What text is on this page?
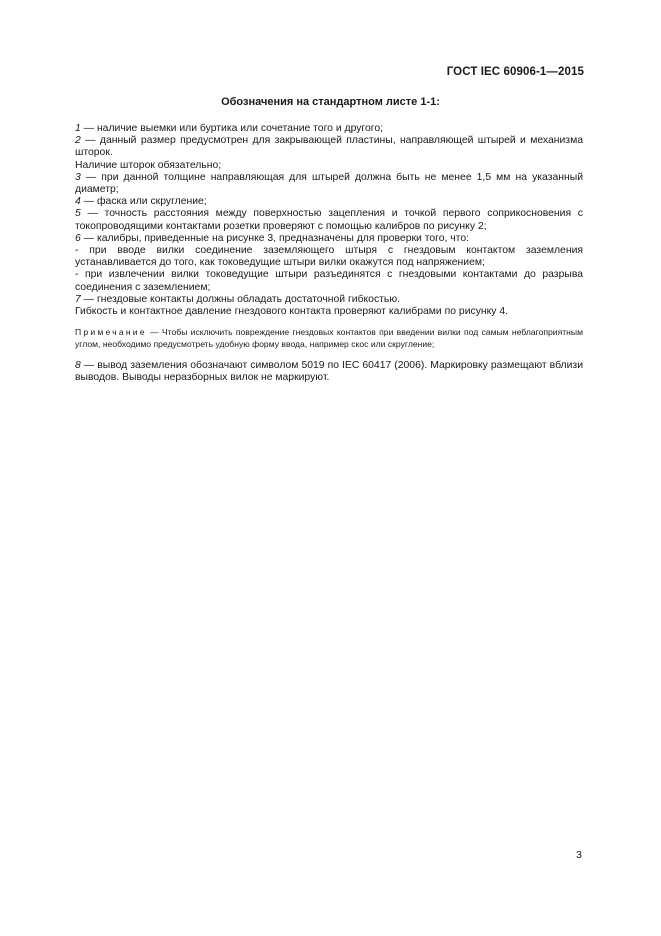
ГОСТ IEC 60906-1—2015
Обозначения на стандартном листе 1-1:

1 — наличие выемки или буртика или сочетание того и другого;

2 — данный размер предусмотрен для закрывающей пластины, направляющей штырей и механизма шторок.

Наличие шторок обязательно;

3 — при данной толщине направляющая для штырей должна быть не менее 1,5 мм на указанный диаметр;

4 — фаска или скругление;

5 — точность расстояния между поверхностью зацепления и точкой первого соприкосновения с токопроводящими контактами розетки проверяют с помощью калибров по рисунку 2;

6 — калибры, приведенные на рисунке 3, предназначены для проверки того, что:

- при вводе вилки соединение заземляющего штыря с гнездовым контактом заземления устанавливается до того, как токоведущие штыри вилки окажутся под напряжением;

- при извлечении вилки токоведущие штыри разъединятся с гнездовыми контактами до разрыва соединения с заземлением;

7 — гнездовые контакты должны обладать достаточной гибкостью.

Гибкость и контактное давление гнездового контакта проверяют калибрами по рисунку 4.

Примечание — Чтобы исключить повреждение гнездовых контактов при введении вилки под самым неблагоприятным углом, необходимо предусмотреть удобную форму ввода, например скос или скругление;

8 — вывод заземления обозначают символом 5019 по IEC 60417 (2006). Маркировку размещают вблизи выводов. Выводы неразборных вилок не маркируют.

3
